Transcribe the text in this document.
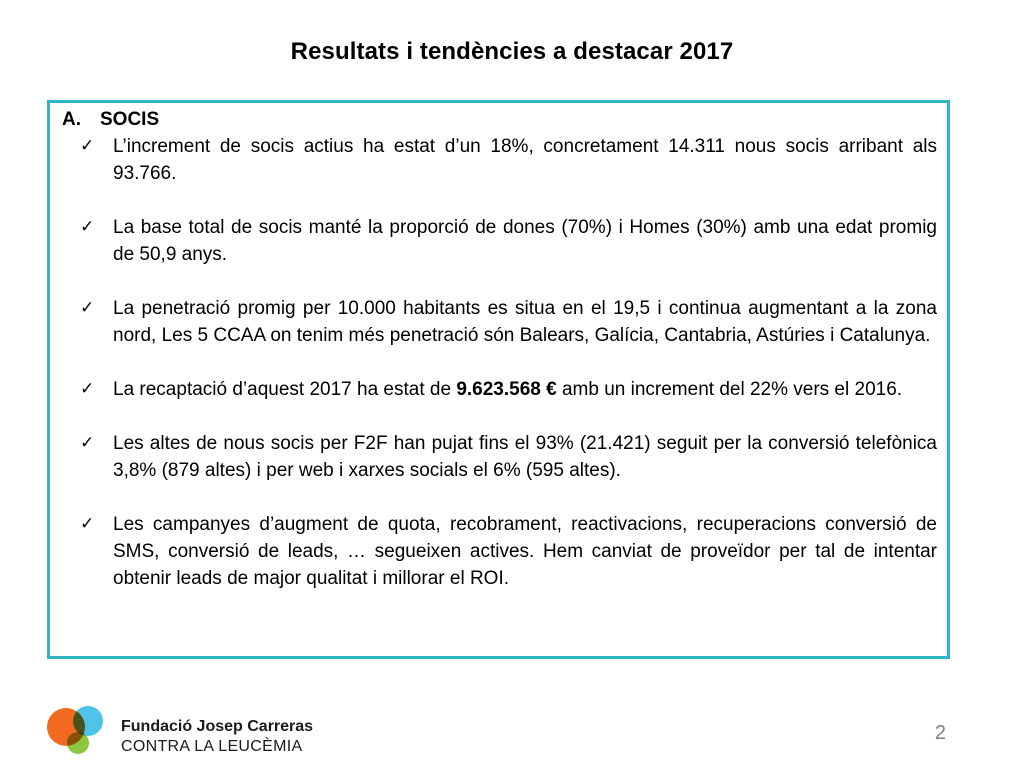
Resultats i tendències a destacar 2017
A.	SOCIS
✓ L’increment de socis actius ha estat d’un 18%, concretament 14.311 nous socis arribant als 93.766.
✓ La base total de socis manté la proporció de dones (70%) i Homes (30%) amb una edat promig de 50,9 anys.
✓ La penetració promig per 10.000 habitants es situa en el 19,5 i continua augmentant a la zona nord, Les 5 CCAA on tenim més penetració són Balears, Galícia, Cantabria, Astúries i Catalunya.
✓ La recaptació d’aquest 2017 ha estat de 9.623.568 € amb un increment del 22% vers el 2016.
✓ Les altes de nous socis per F2F han pujat fins el 93% (21.421) seguit per la conversió telefònica 3,8% (879 altes) i per web i xarxes socials el 6% (595 altes).
✓ Les campanyes d’augment de quota, recobrament, reactivacions, recuperacions conversió de SMS, conversió de leads, … segueixen actives. Hem canviat de proveïdor per tal de intentar obtenir leads de major qualitat i millorar el ROI.
Fundació Josep Carreras
CONTRA LA LEUCÈMIA
2
